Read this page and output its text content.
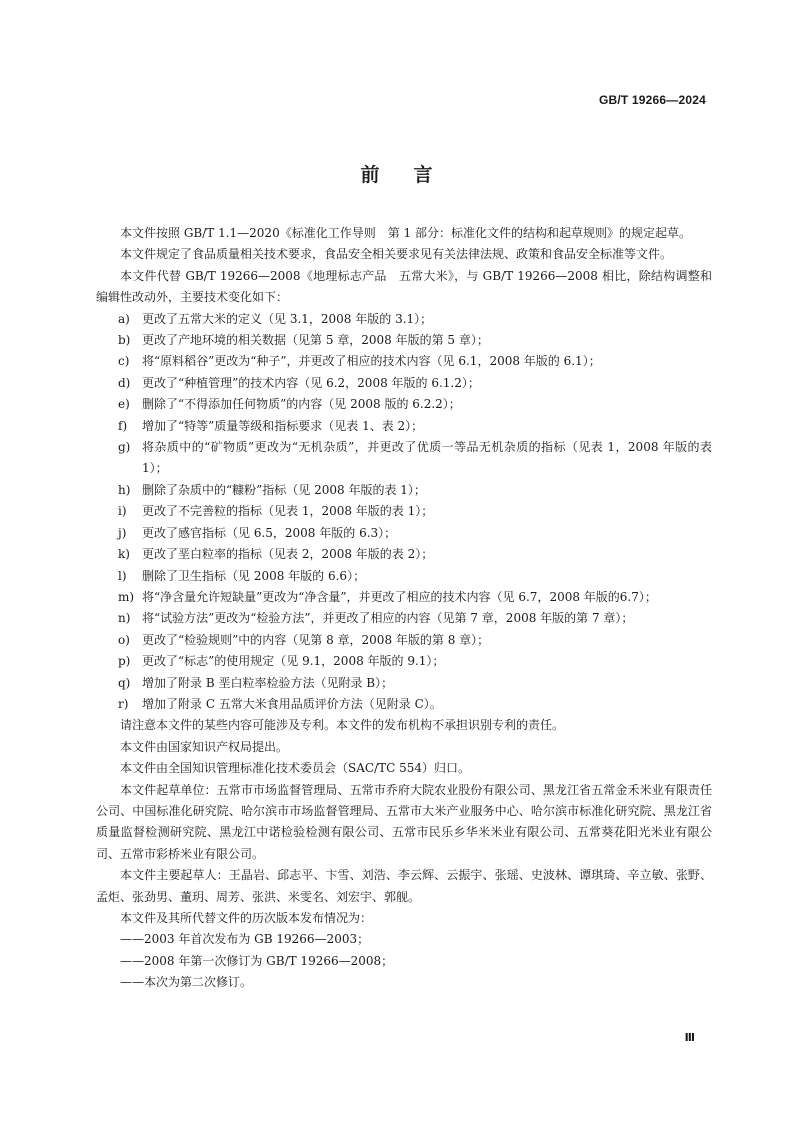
GB/T 19266—2024
前言

本文件按照 GB/T 1.1—2020《标准化工作导则　第 1 部分：标准化文件的结构和起草规则》的规定起草。

本文件规定了食品质量相关技术要求，食品安全相关要求见有关法律法规、政策和食品安全标准等文件。

本文件代替 GB/T 19266—2008《地理标志产品　五常大米》，与 GB/T 19266—2008 相比，除结构调整和编辑性改动外，主要技术变化如下：

a)	更改了五常大米的定义（见 3.1，2008 年版的 3.1）；
b) 更改了产地环境的相关数据（见第 5 章，2008 年版的第 5 章）；
c)	将“原料稻谷”更改为“种子”，并更改了相应的技术内容（见 6.1，2008 年版的 6.1）；
d) 更改了“种植管理”的技术内容（见 6.2，2008 年版的 6.1.2）；
e)	删除了“不得添加任何物质”的内容（见 2008 版的 6.2.2）；
f)	增加了“特等”质量等级和指标要求（见表 1、表 2）；
g) 将杂质中的“矿物质”更改为“无机杂质”，并更改了优质一等品无机杂质的指标（见表 1，2008 年版的表 1）；
h) 删除了杂质中的“糠粉”指标（见 2008 年版的表 1）；
i)	更改了不完善粒的指标（见表 1，2008 年版的表 1）；
j)	更改了感官指标（见 6.5，2008 年版的 6.3）；
k)	更改了垩白粒率的指标（见表 2，2008 年版的表 2）；
l)	删除了卫生指标（见 2008 年版的 6.6）；
m) 将“净含量允许短缺量”更改为“净含量”，并更改了相应的技术内容（见 6.7，2008 年版的6.7）；
n) 将“试验方法”更改为“检验方法”，并更改了相应的内容（见第 7 章，2008 年版的第 7 章）；
o)	更改了“检验规则”中的内容（见第 8 章，2008 年版的第 8 章）；
p) 更改了“标志”的使用规定（见 9.1，2008 年版的 9.1）；
q) 增加了附录 B 垩白粒率检验方法（见附录 B）；
r)	增加了附录 C 五常大米食用品质评价方法（见附录 C）。

请注意本文件的某些内容可能涉及专利。本文件的发布机构不承担识别专利的责任。

本文件由国家知识产权局提出。

本文件由全国知识管理标准化技术委员会（SAC/TC 554）归口。

本文件起草单位：五常市市场监督管理局、五常市乔府大院农业股份有限公司、黑龙江省五常金禾米业有限责任公司、中国标准化研究院、哈尔滨市市场监督管理局、五常市大米产业服务中心、哈尔滨市标准化研究院、黑龙江省质量监督检测研究院、黑龙江中诺检验检测有限公司、五常市民乐乡华米米业有限公司、五常葵花阳光米业有限公司、五常市彩桥米业有限公司。

本文件主要起草人：王晶岩、邱志平、卞雪、刘浩、李云辉、云振宇、张瑶、史波林、谭琪琦、辛立敏、张野、孟炬、张劲男、董玥、周芳、张洪、米雯名、刘宏宇、郭舰。

本文件及其所代替文件的历次版本发布情况为：

——2003 年首次发布为 GB 19266—2003；

——2008 年第一次修订为 GB/T 19266—2008；

——本次为第二次修订。

Ⅲ
